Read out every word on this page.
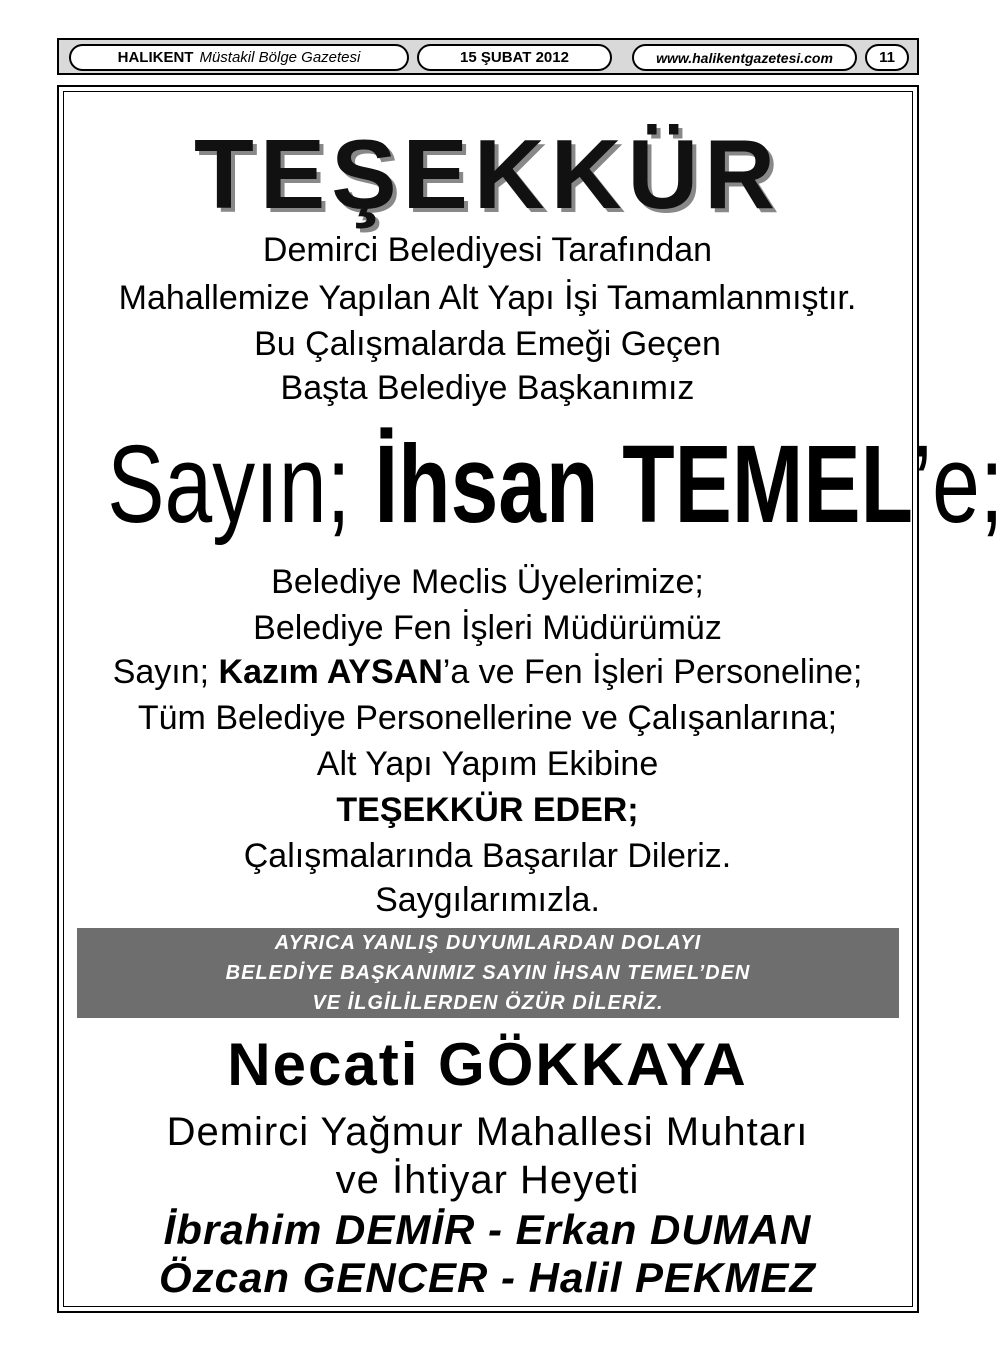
HALIKENT Müstakil Bölge Gazetesi	15 ŞUBAT 2012	www.halikentgazetesi.com	11
TEŞEKKÜR
Demirci Belediyesi Tarafından
Mahallemize Yapılan Alt Yapı İşi Tamamlanmıştır.
Bu Çalışmalarda Emeği Geçen
Başta Belediye Başkanımız
Sayın; İhsan TEMEL’e;
Belediye Meclis Üyelerimize;
Belediye Fen İşleri Müdürümüz
Sayın; Kazım AYSAN’a ve Fen İşleri Personeline;
Tüm Belediye Personellerine ve Çalışanlarına;
Alt Yapı Yapım Ekibine
TEŞEKKÜR EDER;
Çalışmalarında Başarılar Dileriz.
Saygılarımızla.
AYRICA YANLIŞ DUYUMLARDAN DOLAYI
BELEDİYE BAŞKANIMIZ SAYIN İHSAN TEMEL’DEN
VE İLGİLİLERDEN ÖZÜR DİLERİZ.
Necati GÖKKAYA
Demirci Yağmur Mahallesi Muhtarı
ve İhtiyar Heyeti
İbrahim DEMİR - Erkan DUMAN
Özcan GENCER - Halil PEKMEZ
